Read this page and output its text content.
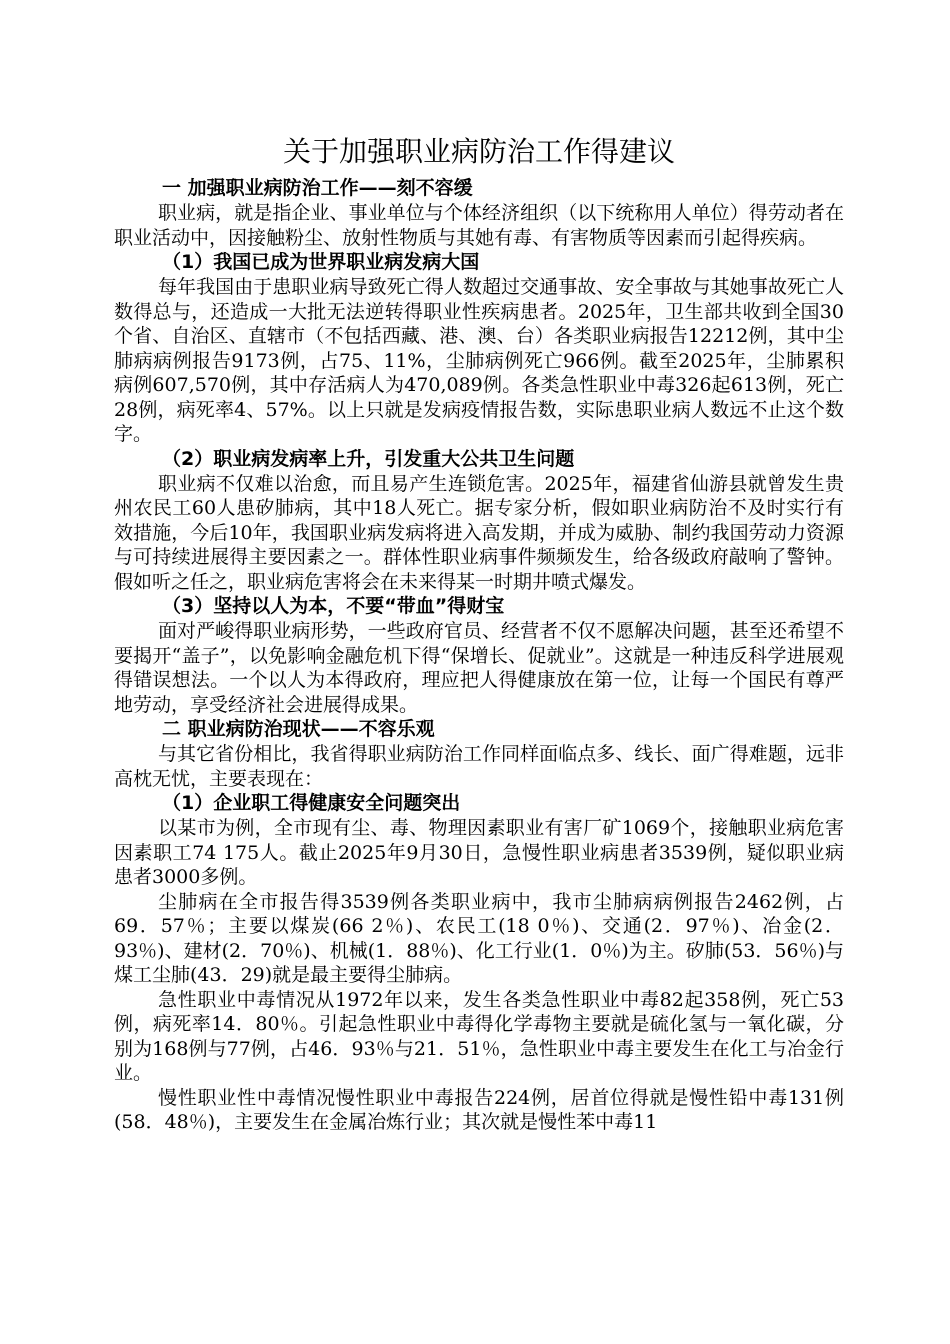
关于加强职业病防治工作得建议
一 加强职业病防治工作——刻不容缓

职业病，就是指企业、事业单位与个体经济组织（以下统称用人单位）得劳动者在职业活动中，因接触粉尘、放射性物质与其她有毒、有害物质等因素而引起得疾病。

（1）我国已成为世界职业病发病大国

每年我国由于患职业病导致死亡得人数超过交通事故、安全事故与其她事故死亡人数得总与，还造成一大批无法逆转得职业性疾病患者。2025年，卫生部共收到全国30个省、自治区、直辖市（不包括西藏、港、澳、台）各类职业病报告12212例，其中尘肺病病例报告9173例，占75、11%，尘肺病例死亡966例。截至2025年，尘肺累积病例607,570例，其中存活病人为470,089例。各类急性职业中毒326起613例，死亡28例，病死率4、57%。以上只就是发病疫情报告数，实际患职业病人数远不止这个数字。

（2）职业病发病率上升，引发重大公共卫生问题

职业病不仅难以治愈，而且易产生连锁危害。2025年，福建省仙游县就曾发生贵州农民工60人患矽肺病，其中18人死亡。据专家分析，假如职业病防治不及时实行有效措施，今后10年，我国职业病发病将进入高发期，并成为威胁、制约我国劳动力资源与可持续进展得主要因素之一。群体性职业病事件频频发生，给各级政府敲响了警钟。假如听之任之，职业病危害将会在未来得某一时期井喷式爆发。

（3）坚持以人为本，不要“带血”得财宝

面对严峻得职业病形势，一些政府官员、经营者不仅不愿解决问题，甚至还希望不要揭开“盖子”，以免影响金融危机下得“保增长、促就业”。这就是一种违反科学进展观得错误想法。一个以人为本得政府，理应把人得健康放在第一位，让每一个国民有尊严地劳动，享受经济社会进展得成果。

二 职业病防治现状——不容乐观

与其它省份相比，我省得职业病防治工作同样面临点多、线长、面广得难题，远非高枕无忧，主要表现在：

（1）企业职工得健康安全问题突出

以某市为例，全市现有尘、毒、物理因素职业有害厂矿1069个，接触职业病危害因素职工74 175人。截止2025年9月30日，急慢性职业病患者3539例，疑似职业病患者3000多例。

尘肺病在全市报告得3539例各类职业病中，我市尘肺病病例报告2462例，占69．57％；主要以煤炭(66 2％)、农民工(18 0％)、交通(2．97％)、冶金(2．93％)、建材(2．70％)、机械(1．88％)、化工行业(1．0％)为主。矽肺(53．56％)与煤工尘肺(43．29)就是最主要得尘肺病。

急性职业中毒情况从1972年以来，发生各类急性职业中毒82起358例，死亡53例，病死率14．80％。引起急性职业中毒得化学毒物主要就是硫化氢与一氧化碳，分别为168例与77例，占46．93％与21．51％，急性职业中毒主要发生在化工与冶金行业。

慢性职业性中毒情况慢性职业中毒报告224例，居首位得就是慢性铅中毒131例(58．48％)，主要发生在金属冶炼行业；其次就是慢性苯中毒11
